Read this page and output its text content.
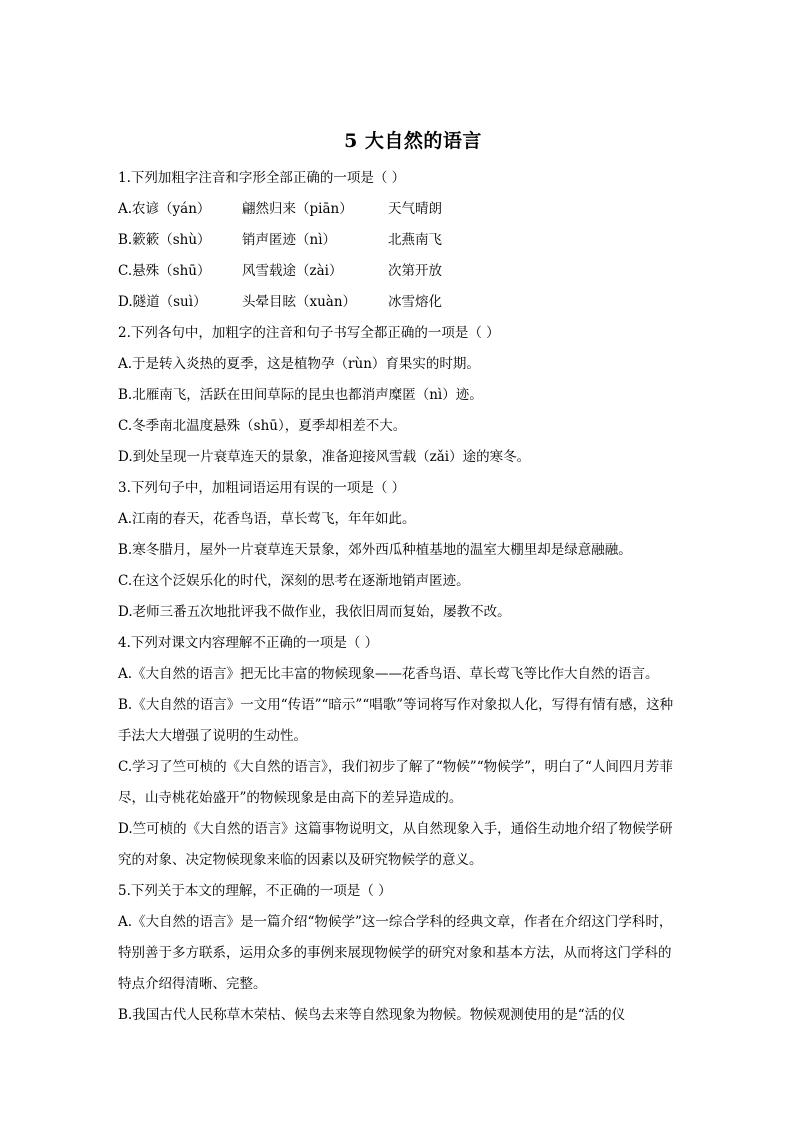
5 大自然的语言
1.下列加粗字注音和字形全部正确的一项是（ ）
A.农谚（yán）	翩然归来（piān）	天气晴朗
B.簌簌（shù）	销声匿迹（nì）	北燕南飞
C.悬殊（shū）	风雪载途（zài）	次第开放
D.隧道（suì）	头晕目眩（xuàn）	冰雪熔化
2.下列各句中，加粗字的注音和句子书写全都正确的一项是（ ）
A.于是转入炎热的夏季，这是植物孕（rùn）育果实的时期。
B.北雁南飞，活跃在田间草际的昆虫也都消声糜匿（nì）迹。
C.冬季南北温度悬殊（shū），夏季却相差不大。
D.到处呈现一片衰草连天的景象，准备迎接风雪载（zǎi）途的寒冬。
3.下列句子中，加粗词语运用有误的一项是（ ）
A.江南的春天，花香鸟语，草长莺飞，年年如此。
B.寒冬腊月，屋外一片衰草连天景象，郊外西瓜种植基地的温室大棚里却是绿意融融。
C.在这个泛娱乐化的时代，深刻的思考在逐渐地销声匿迹。
D.老师三番五次地批评我不做作业，我依旧周而复始，屡教不改。
4.下列对课文内容理解不正确的一项是（ ）
A.《大自然的语言》把无比丰富的物候现象——花香鸟语、草长莺飞等比作大自然的语言。
B.《大自然的语言》一文用“传语”“暗示”“唱歌”等词将写作对象拟人化，写得有情有感，这种手法大大增强了说明的生动性。
C.学习了竺可桢的《大自然的语言》，我们初步了解了“物候”“物候学”，明白了“人间四月芳菲尽，山寺桃花始盛开”的物候现象是由高下的差异造成的。
D.竺可桢的《大自然的语言》这篇事物说明文，从自然现象入手，通俗生动地介绍了物候学研究的对象、决定物候现象来临的因素以及研究物候学的意义。
5.下列关于本文的理解，不正确的一项是（ ）
A.《大自然的语言》是一篇介绍“物候学”这一综合学科的经典文章，作者在介绍这门学科时，特别善于多方联系，运用众多的事例来展现物候学的研究对象和基本方法，从而将这门学科的特点介绍得清晰、完整。
B.我国古代人民称草木荣枯、候鸟去来等自然现象为物候。物候观测使用的是“活的仪
